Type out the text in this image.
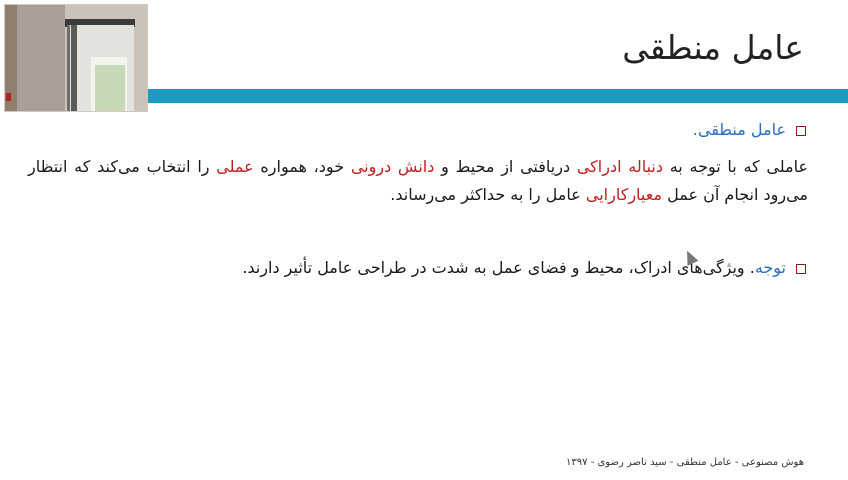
عامل منطقی
عامل منطقی.
عاملی که با توجه به دنباله ادراکی دریافتی از محیط و دانش درونی خود، همواره عملی را انتخاب می‌کند که انتظار می‌رود انجام آن عمل معیارکارایی عامل را به حداکثر می‌رساند.
توجه. ویژگی‌های ادراک، محیط و فضای عمل به شدت در طراحی عامل تأثیر دارند.
هوش مصنوعی - عامل منطقی - سید ناصر رضوی - ۱۳۹۷
